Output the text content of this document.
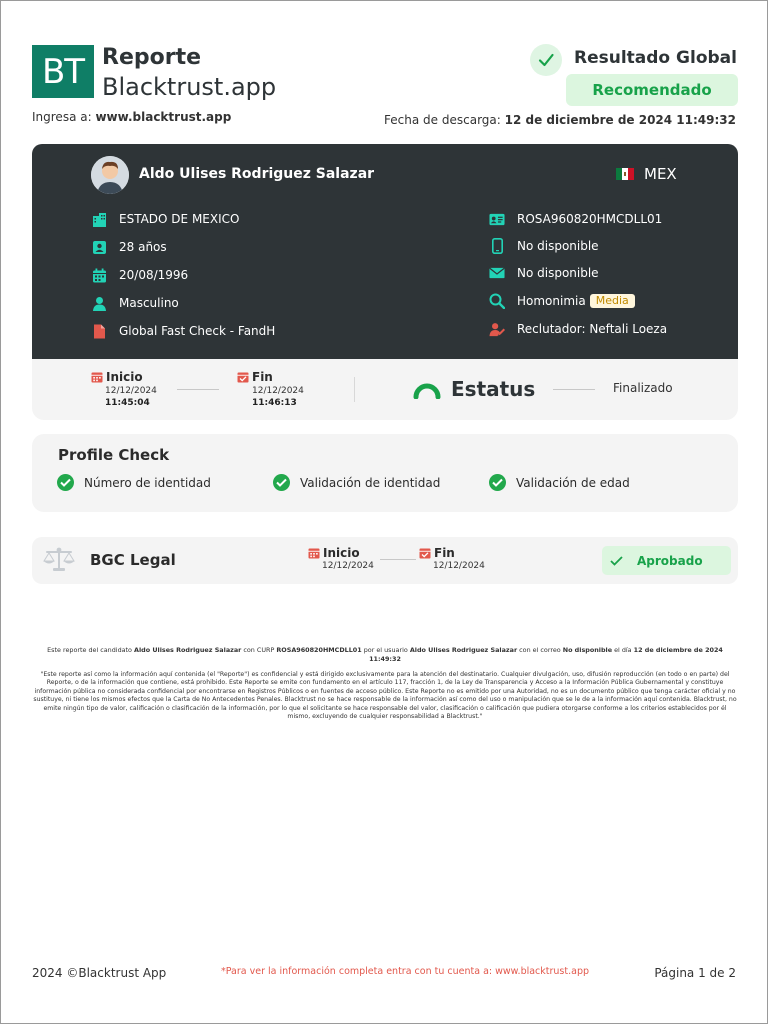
BT Reporte
Blacktrust.app
Ingresa a: www.blacktrust.app
Resultado Global
Recomendado
Fecha de descarga: 12 de diciembre de 2024 11:49:32
Aldo Ulises Rodriguez Salazar	MEX
ESTADO DE MEXICO
28 años
20/08/1996
Masculino
Global Fast Check - FandH
ROSA960820HMCDLL01
No disponible
No disponible
Homonimia Media
Reclutador: Neftali Loeza
Inicio
12/12/2024
11:45:04
Fin
12/12/2024
11:46:13
Estatus	Finalizado
Profile Check
Número de identidad	Validación de identidad	Validación de edad
BGC Legal	Inicio
12/12/2024
Fin
12/12/2024	Aprobado
Este reporte del candidato Aldo Ulises Rodriguez Salazar con CURP ROSA960820HMCDLL01 por el usuario Aldo Ulises Rodriguez Salazar con el correo No disponible el día 12 de diciembre de 2024 11:49:32
"Este reporte así como la información aquí contenida (el "Reporte") es confidencial y está dirigido exclusivamente para la atención del destinatario. Cualquier divulgación, uso, difusión reproducción (en todo o en parte) del Reporte, o de la información que contiene, está prohibido. Este Reporte se emite con fundamento en el artículo 117, fracción 1, de la Ley de Transparencia y Acceso a la Información Pública Gubernamental y constituye información pública no considerada confidencial por encontrarse en Registros Públicos o en fuentes de acceso público. Este Reporte no es emitido por una Autoridad, no es un documento público que tenga carácter oficial y no sustituye, ni tiene los mismos efectos que la Carta de No Antecedentes Penales. Blacktrust no se hace responsable de la información así como del uso o manipulación que se le de a la información aquí contenida. Blacktrust, no emite ningún tipo de valor, calificación o clasificación de la información, por lo que el solicitante se hace responsable del valor, clasificación o calificación que pudiera otorgarse conforme a los criterios establecidos por él mismo, excluyendo de cualquier responsabilidad a Blacktrust."
2024 ©Blacktrust App	*Para ver la información completa entra con tu cuenta a: www.blacktrust.app	Página 1 de 2
